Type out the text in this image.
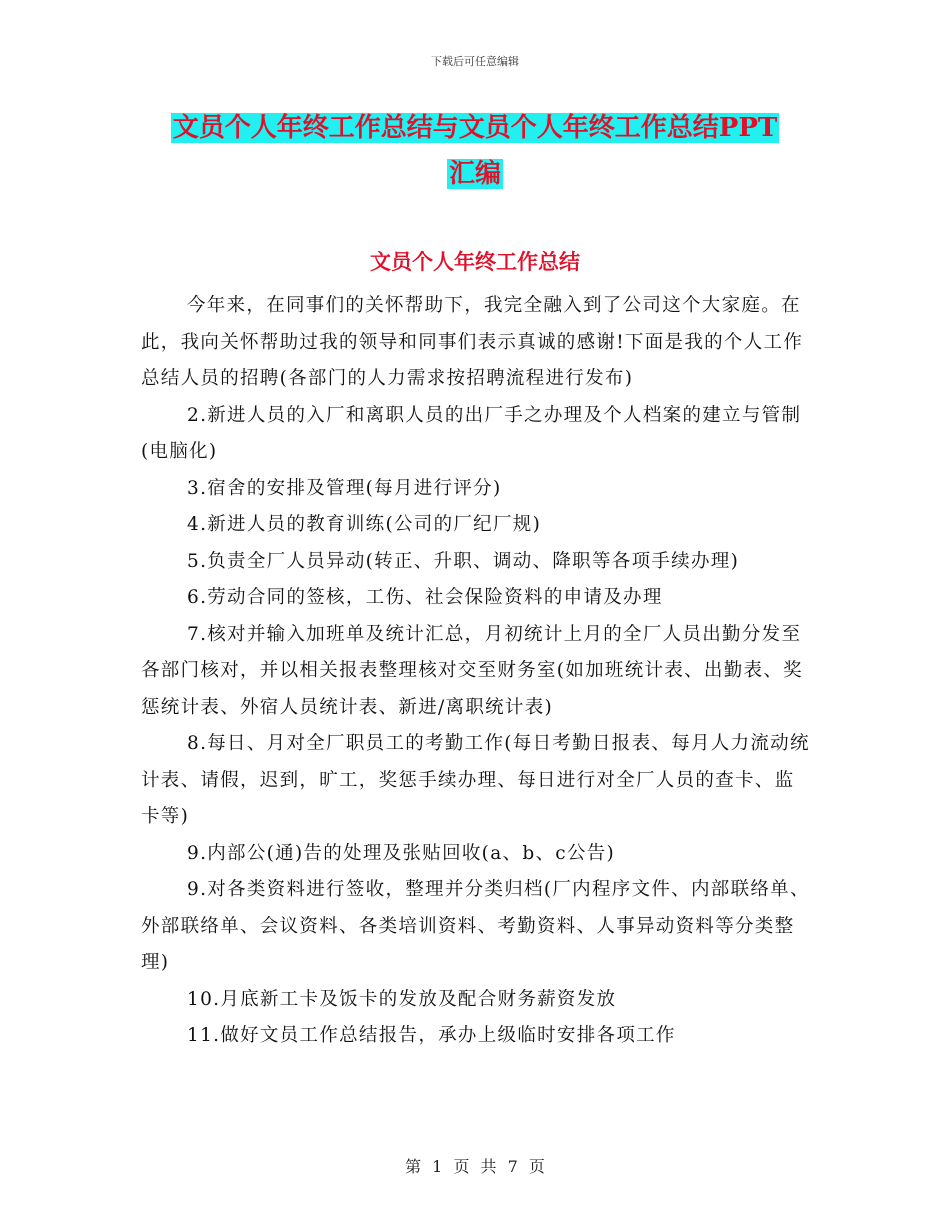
下载后可任意编辑
文员个人年终工作总结与文员个人年终工作总结PPT
汇编
文员个人年终工作总结

今年来，在同事们的关怀帮助下，我完全融入到了公司这个大家庭。在此，我向关怀帮助过我的领导和同事们表示真诚的感谢!下面是我的个人工作总结人员的招聘(各部门的人力需求按招聘流程进行发布)

2.新进人员的入厂和离职人员的出厂手之办理及个人档案的建立与管制(电脑化)

3.宿舍的安排及管理(每月进行评分)

4.新进人员的教育训练(公司的厂纪厂规)

5.负责全厂人员异动(转正、升职、调动、降职等各项手续办理)

6.劳动合同的签核，工伤、社会保险资料的申请及办理

7.核对并输入加班单及统计汇总，月初统计上月的全厂人员出勤分发至各部门核对，并以相关报表整理核对交至财务室(如加班统计表、出勤表、奖惩统计表、外宿人员统计表、新进/离职统计表)

8.每日、月对全厂职员工的考勤工作(每日考勤日报表、每月人力流动统计表、请假，迟到，旷工，奖惩手续办理、每日进行对全厂人员的查卡、监卡等)

9.内部公(通)告的处理及张贴回收(a、b、c公告)

9.对各类资料进行签收，整理并分类归档(厂内程序文件、内部联络单、外部联络单、会议资料、各类培训资料、考勤资料、人事异动资料等分类整理)

10.月底新工卡及饭卡的发放及配合财务薪资发放

11.做好文员工作总结报告，承办上级临时安排各项工作

第 1 页 共 7 页
